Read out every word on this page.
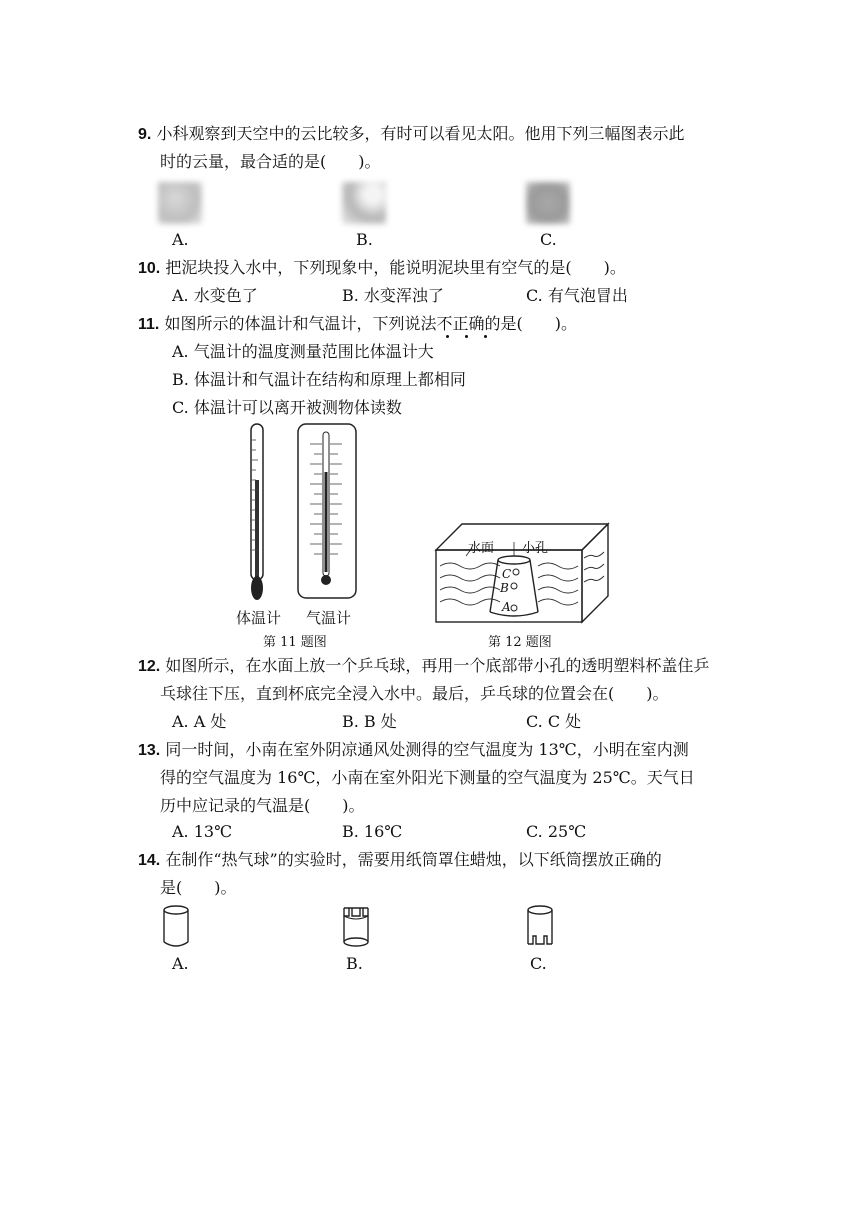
9. 小科观察到天空中的云比较多，有时可以看见太阳。他用下列三幅图表示此
时的云量，最合适的是(　　)。
A.	B.	C.
10. 把泥块投入水中，下列现象中，能说明泥块里有空气的是(　　)。
A. 水变色了	B. 水变浑浊了	C. 有气泡冒出
11. 如图所示的体温计和气温计，下列说法不正确的是(　　)。
A. 气温计的温度测量范围比体温计大
B. 体温计和气温计在结构和原理上都相同
C. 体温计可以离开被测物体读数
体温计 气温计
第 11 题图
水面 小孔
C
B
A
第 12 题图
12. 如图所示，在水面上放一个乒乓球，再用一个底部带小孔的透明塑料杯盖住乒
乓球往下压，直到杯底完全浸入水中。最后，乒乓球的位置会在(　　)。
A. A 处	B. B 处	C. C 处
13. 同一时间，小南在室外阴凉通风处测得的空气温度为 13℃，小明在室内测
得的空气温度为 16℃，小南在室外阳光下测量的空气温度为 25℃。天气日
历中应记录的气温是(　　)。
A. 13℃	B. 16℃	C. 25℃
14. 在制作“热气球”的实验时，需要用纸筒罩住蜡烛，以下纸筒摆放正确的
是(　　)。
A.	B.	C.
